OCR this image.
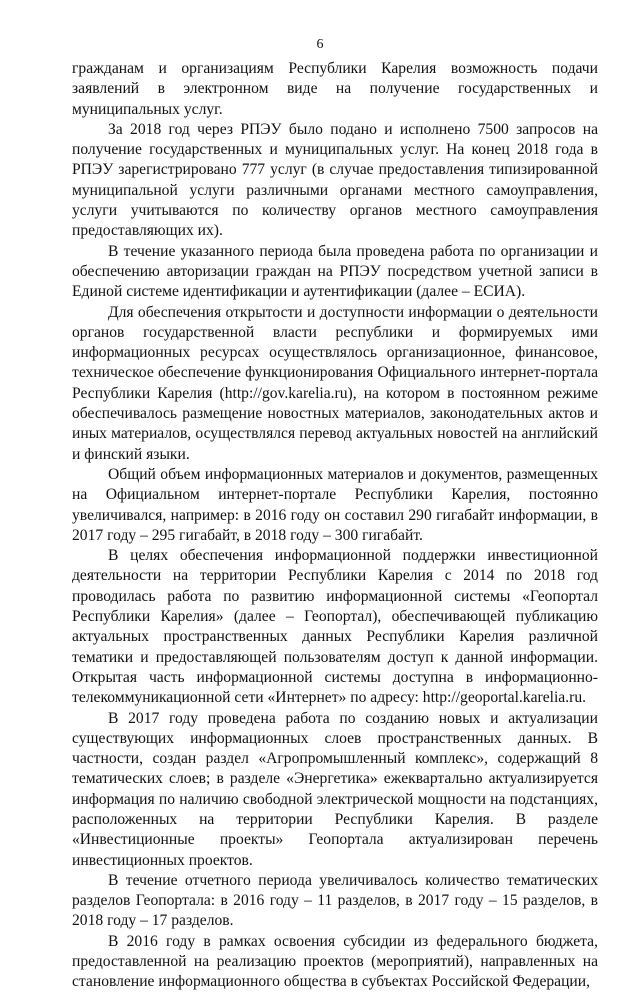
6

гражданам и организациям Республики Карелия возможность подачи заявлений в электронном виде на получение государственных и муниципальных услуг.

За 2018 год через РПЭУ было подано и исполнено 7500 запросов на получение государственных и муниципальных услуг. На конец 2018 года в РПЭУ зарегистрировано 777 услуг (в случае предоставления типизированной муниципальной услуги различными органами местного самоуправления, услуги учитываются по количеству органов местного самоуправления предоставляющих их).

В течение указанного периода была проведена работа по организации и обеспечению авторизации граждан на РПЭУ посредством учетной записи в Единой системе идентификации и аутентификации (далее – ЕСИА).

Для обеспечения открытости и доступности информации о деятельности органов государственной власти республики и формируемых ими информационных ресурсах осуществлялось организационное, финансовое, техническое обеспечение функционирования Официального интернет-портала Республики Карелия (http://gov.karelia.ru), на котором в постоянном режиме обеспечивалось размещение новостных материалов, законодательных актов и иных материалов, осуществлялся перевод актуальных новостей на английский и финский языки.

Общий объем информационных материалов и документов, размещенных на Официальном интернет-портале Республики Карелия, постоянно увеличивался, например: в 2016 году он составил 290 гигабайт информации, в 2017 году – 295 гигабайт, в 2018 году – 300 гигабайт.

В целях обеспечения информационной поддержки инвестиционной деятельности на территории Республики Карелия с 2014 по 2018 год проводилась работа по развитию информационной системы «Геопортал Республики Карелия» (далее – Геопортал), обеспечивающей публикацию актуальных пространственных данных Республики Карелия различной тематики и предоставляющей пользователям доступ к данной информации. Открытая часть информационной системы доступна в информационно-телекоммуникационной сети «Интернет» по адресу: http://geoportal.karelia.ru.

В 2017 году проведена работа по созданию новых и актуализации существующих информационных слоев пространственных данных. В частности, создан раздел «Агропромышленный комплекс», содержащий 8 тематических слоев; в разделе «Энергетика» ежеквартально актуализируется информация по наличию свободной электрической мощности на подстанциях, расположенных на территории Республики Карелия. В разделе «Инвестиционные проекты» Геопортала актуализирован перечень инвестиционных проектов.

В течение отчетного периода увеличивалось количество тематических разделов Геопортала: в 2016 году – 11 разделов, в 2017 году – 15 разделов, в 2018 году – 17 разделов.

В 2016 году в рамках освоения субсидии из федерального бюджета, предоставленной на реализацию проектов (мероприятий), направленных на становление информационного общества в субъектах Российской Федерации,
